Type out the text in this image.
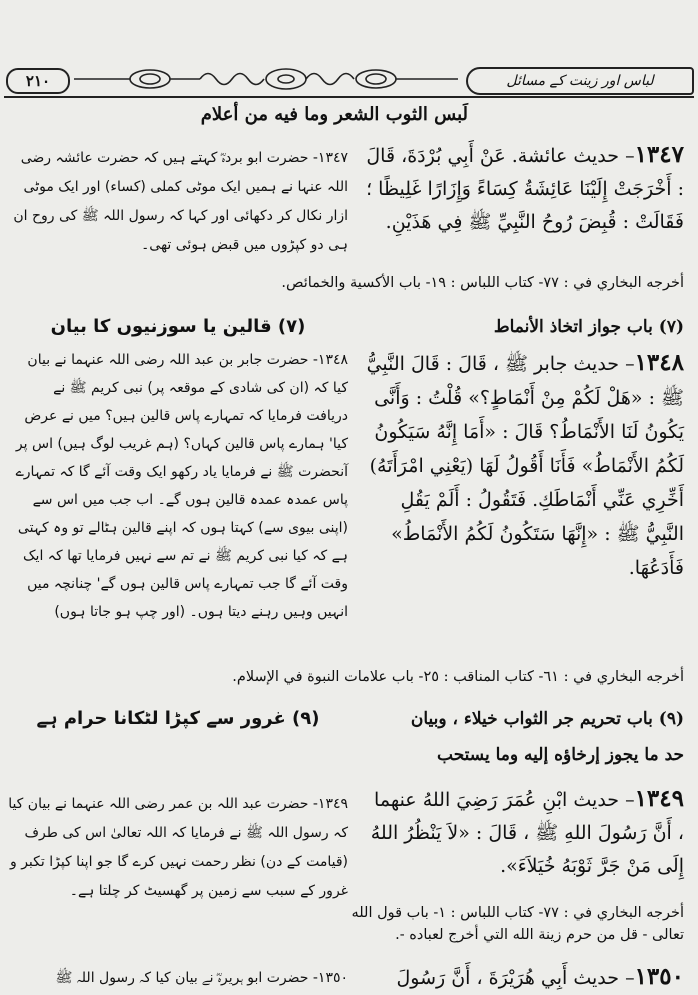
٢١٠	لباس اور زینت کے مسائل

لَبس الثوب الشعر وما فيه من أعلام

١٣٤٧– حديث عائشة. عَنْ أَبِي بُرْدَةَ، قَالَ : أَخْرَجَتْ إِلَيْنَا عَائِشَةُ كِسَاءً وَإِزَارًا غَلِيظًا ؛ فَقَالَتْ : قُبِضَ رُوحُ النَّبِيِّ ﷺ فِي هَذَيْنِ.

١٣٤٧- حضرت ابو بردہؓ کہتے ہیں کہ حضرت عائشہ رضی اللہ عنہا نے ہمیں ایک موٹی کملی (کساء) اور ایک موٹی ازار نکال کر دکھائی اور کہا کہ رسول اللہ ﷺ کی روح ان ہی دو کپڑوں میں قبض ہوئی تھی۔

أخرجه البخاري في : ٧٧- كتاب اللباس : ١٩- باب الأكسية والخمائص.

(٧) باب جواز اتخاذ الأنماط

(٧) قالین یا سوزنیوں کا بیان

١٣٤٨– حديث جابر ﷺ ، قَالَ : قَالَ النَّبِيُّ ﷺ : «هَلْ لَكُمْ مِنْ أَنْمَاطٍ؟» قُلْتُ : وَأَنَّى يَكُونُ لَنَا الأَنْمَاطُ؟ قَالَ : «أَمَا إِنَّهُ سَيَكُونُ لَكُمُ الأَنْمَاطُ» فَأَنَا أَقُولُ لَهَا (يَعْنِي امْرَأَتَهُ) أَخِّرِي عَنِّي أَنْمَاطَكِ. فَتَقُولُ : أَلَمْ يَقُلِ النَّبِيُّ ﷺ : «إِنَّهَا سَتَكُونُ لَكُمُ الأَنْمَاطُ» فَأَدَعُهَا.

١٣٤٨- حضرت جابر بن عبد اللہ رضی اللہ عنہما نے بیان کیا کہ (ان کی شادی کے موقعہ پر) نبی کریم ﷺ نے دریافت فرمایا کہ تمہارے پاس قالین ہیں؟ میں نے عرض کیا' ہمارے پاس قالین کہاں؟ (ہم غریب لوگ ہیں) اس پر آنحضرت ﷺ نے فرمایا یاد رکھو ایک وقت آئے گا کہ تمہارے پاس عمدہ عمدہ قالین ہوں گے۔ اب جب میں اس سے (اپنی بیوی سے) کہتا ہوں کہ اپنے قالین ہٹالے تو وہ کہتی ہے کہ کیا نبی کریم ﷺ نے تم سے نہیں فرمایا تھا کہ ایک وقت آئے گا جب تمہارے پاس قالین ہوں گے' چنانچہ میں انہیں وہیں رہنے دیتا ہوں۔ (اور چپ ہو جاتا ہوں)

أخرجه البخاري في : ٦١- كتاب المناقب : ٢٥- باب علامات النبوة في الإسلام.

(٩) باب تحريم جر الثواب خيلاء ، وبيان

حد ما يجوز إرخاؤه إليه وما يستحب

(٩) غرور سے کپڑا لٹکانا حرام ہے

١٣٤٩– حديث ابْنِ عُمَرَ رَضِيَ اللهُ عنهما ، أَنَّ رَسُولَ اللهِ ﷺ ، قَالَ : «لاَ يَنْظُرُ اللهُ إِلَى مَنْ جَرَّ ثَوْبَهُ خُيَلاَءَ».

١٣٤٩- حضرت عبد اللہ بن عمر رضی اللہ عنہما نے بیان کیا کہ رسول اللہ ﷺ نے فرمایا کہ اللہ تعالیٰ اس کی طرف (قیامت کے دن) نظر رحمت نہیں کرے گا جو اپنا کپڑا تکبر و غرور کے سبب سے زمین پر گھسیٹ کر چلتا ہے۔

أخرجه البخاري في : ٧٧- كتاب اللباس : ١- باب قول الله تعالى - قل من حرم زينة الله التي أخرج لعباده -.

١٣٥٠– حديث أَبِي هُرَيْرَةَ ، أَنَّ رَسُولَ

١٣٥٠- حضرت ابو ہریرہؓ نے بیان کیا کہ رسول اللہ ﷺ
